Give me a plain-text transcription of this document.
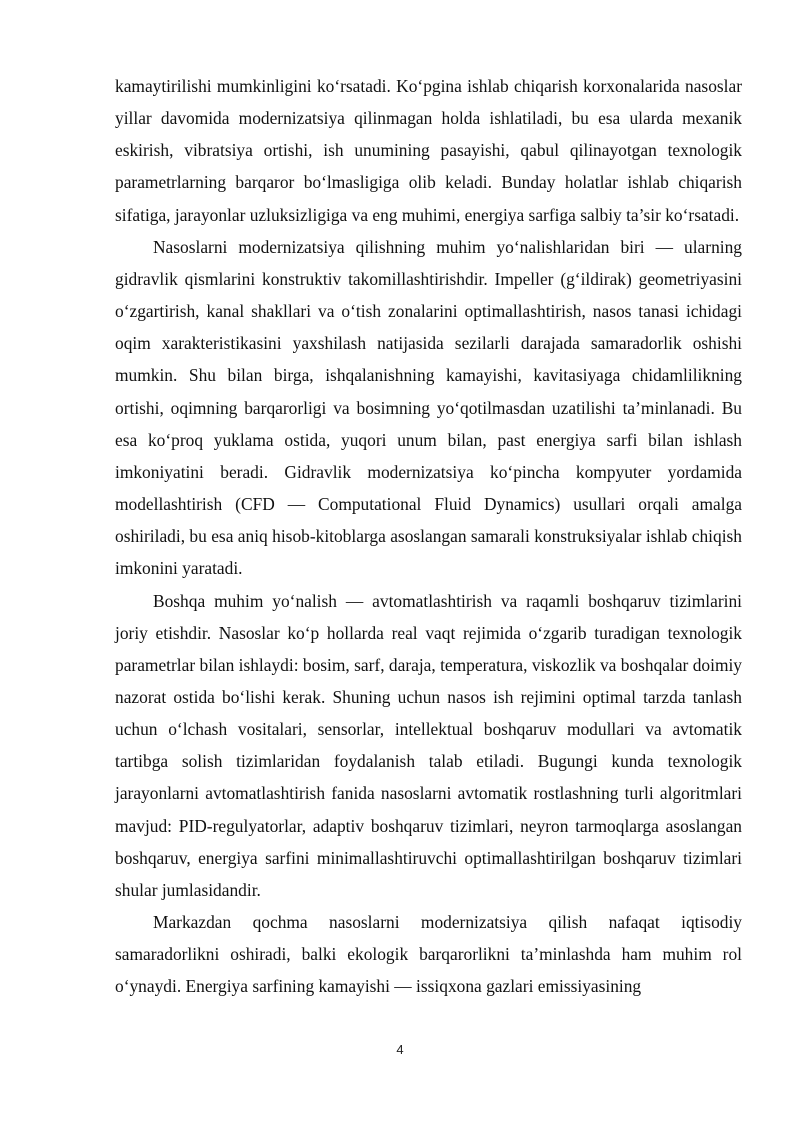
kamaytirilishi mumkinligini ko‘rsatadi. Ko‘pgina ishlab chiqarish korxonalarida nasoslar yillar davomida modernizatsiya qilinmagan holda ishlatiladi, bu esa ularda mexanik eskirish, vibratsiya ortishi, ish unumining pasayishi, qabul qilinayotgan texnologik parametrlarning barqaror bo‘lmasligiga olib keladi. Bunday holatlar ishlab chiqarish sifatiga, jarayonlar uzluksizligiga va eng muhimi, energiya sarfiga salbiy ta’sir ko‘rsatadi.

Nasoslarni modernizatsiya qilishning muhim yo‘nalishlaridan biri — ularning gidravlik qismlarini konstruktiv takomillashtirishdir. Impeller (g‘ildirak) geometriyasini o‘zgartirish, kanal shakllari va o‘tish zonalarini optimallashtirish, nasos tanasi ichidagi oqim xarakteristikasini yaxshilash natijasida sezilarli darajada samaradorlik oshishi mumkin. Shu bilan birga, ishqalanishning kamayishi, kavitasiyaga chidamlilikning ortishi, oqimning barqarorligi va bosimning yo‘qotilmasdan uzatilishi ta’minlanadi. Bu esa ko‘proq yuklama ostida, yuqori unum bilan, past energiya sarfi bilan ishlash imkoniyatini beradi. Gidravlik modernizatsiya ko‘pincha kompyuter yordamida modellashtirish (CFD — Computational Fluid Dynamics) usullari orqali amalga oshiriladi, bu esa aniq hisob-kitoblarga asoslangan samarali konstruksiyalar ishlab chiqish imkonini yaratadi.

Boshqa muhim yo‘nalish — avtomatlashtirish va raqamli boshqaruv tizimlarini joriy etishdir. Nasoslar ko‘p hollarda real vaqt rejimida o‘zgarib turadigan texnologik parametrlar bilan ishlaydi: bosim, sarf, daraja, temperatura, viskozlik va boshqalar doimiy nazorat ostida bo‘lishi kerak. Shuning uchun nasos ish rejimini optimal tarzda tanlash uchun o‘lchash vositalari, sensorlar, intellektual boshqaruv modullari va avtomatik tartibga solish tizimlaridan foydalanish talab etiladi. Bugungi kunda texnologik jarayonlarni avtomatlashtirish fanida nasoslarni avtomatik rostlashning turli algoritmlari mavjud: PID-regulyatorlar, adaptiv boshqaruv tizimlari, neyron tarmoqlarga asoslangan boshqaruv, energiya sarfini minimallashtiruvchi optimallashtirilgan boshqaruv tizimlari shular jumlasidandir.

Markazdan qochma nasoslarni modernizatsiya qilish nafaqat iqtisodiy samaradorlikni oshiradi, balki ekologik barqarorlikni ta’minlashda ham muhim rol o‘ynaydi. Energiya sarfining kamayishi — issiqxona gazlari emissiyasining

4
